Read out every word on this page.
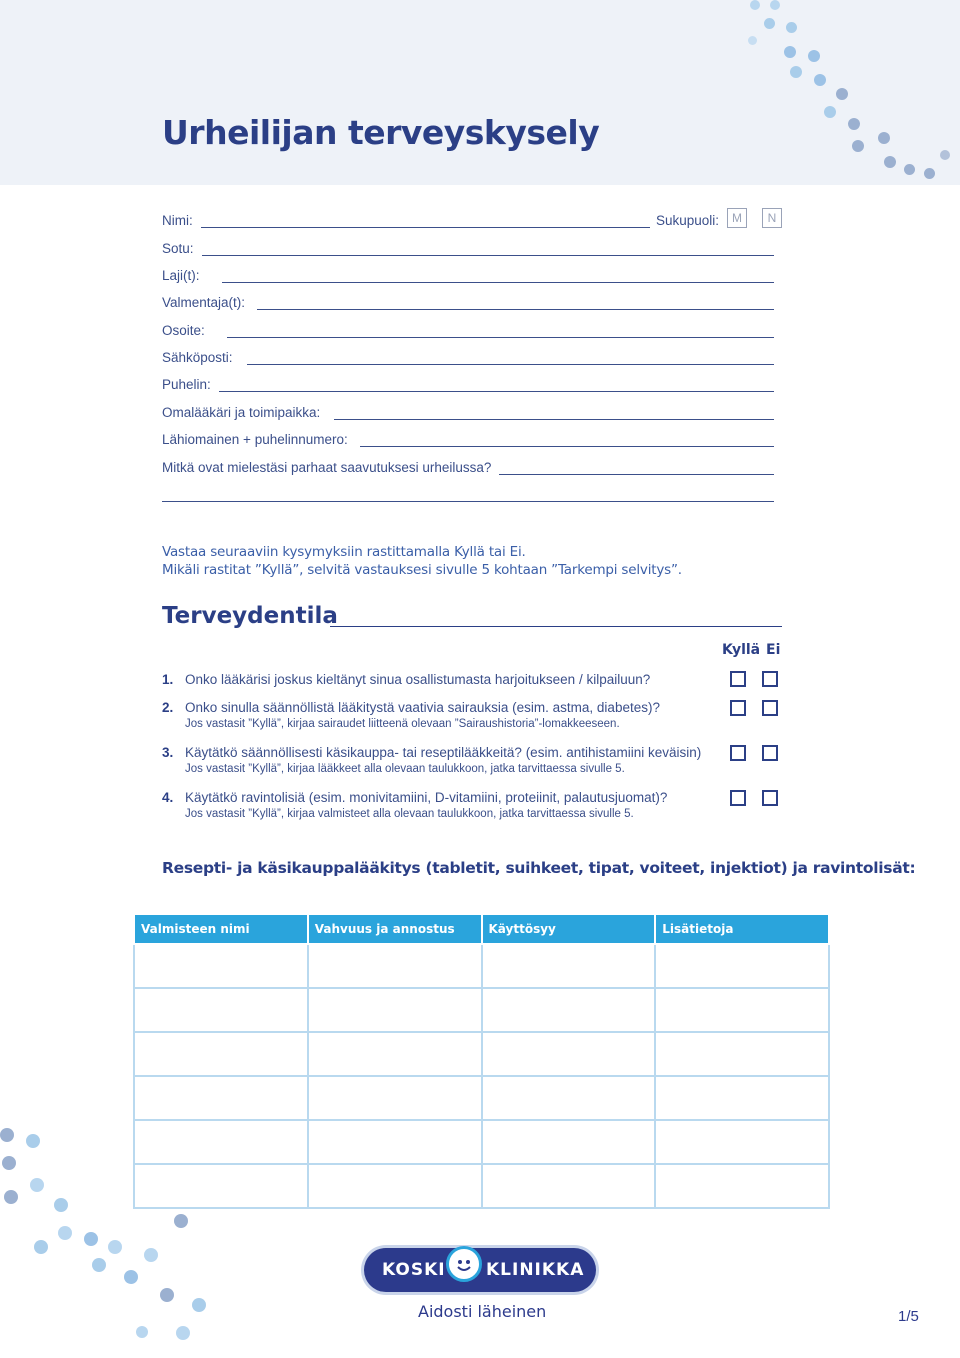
Urheilijan terveyskysely
Nimi:	Sukupuoli:	M	N
Sotu:
Laji(t):
Valmentaja(t):
Osoite:
Sähköposti:
Puhelin:
Omalääkäri ja toimipaikka:
Lähiomainen + puhelinnumero:
Mitkä ovat mielestäsi parhaat saavutuksesi urheilussa?
Vastaa seuraaviin kysymyksiin rastittamalla Kyllä tai Ei.
Mikäli rastitat ”Kyllä”, selvitä vastauksesi sivulle 5 kohtaan ”Tarkempi selvitys”.
Terveydentila
Kyllä Ei
1. Onko lääkärisi joskus kieltänyt sinua osallistumasta harjoitukseen / kilpailuun?
2. Onko sinulla säännöllistä lääkitystä vaativia sairauksia (esim. astma, diabetes)?
Jos vastasit ”Kyllä”, kirjaa sairaudet liitteenä olevaan ”Sairaushistoria”-lomakkeeseen.
3. Käytätkö säännöllisesti käsikauppa- tai reseptilääkkeitä? (esim. antihistamiini keväisin)
Jos vastasit ”Kyllä”, kirjaa lääkkeet alla olevaan taulukkoon, jatka tarvittaessa sivulle 5.
4. Käytätkö ravintolisiä (esim. monivitamiini, D-vitamiini, proteiinit, palautusjuomat)?
Jos vastasit ”Kyllä”, kirjaa valmisteet alla olevaan taulukkoon, jatka tarvittaessa sivulle 5.
Resepti- ja käsikauppalääkitys (tabletit, suihkeet, tipat, voiteet, injektiot) ja ravintolisät:
Valmisteen nimi	Vahvuus ja annostus	Käyttösyy	Lisätietoja

KOSKI KLINIKKA
Aidosti läheinen	1/5
